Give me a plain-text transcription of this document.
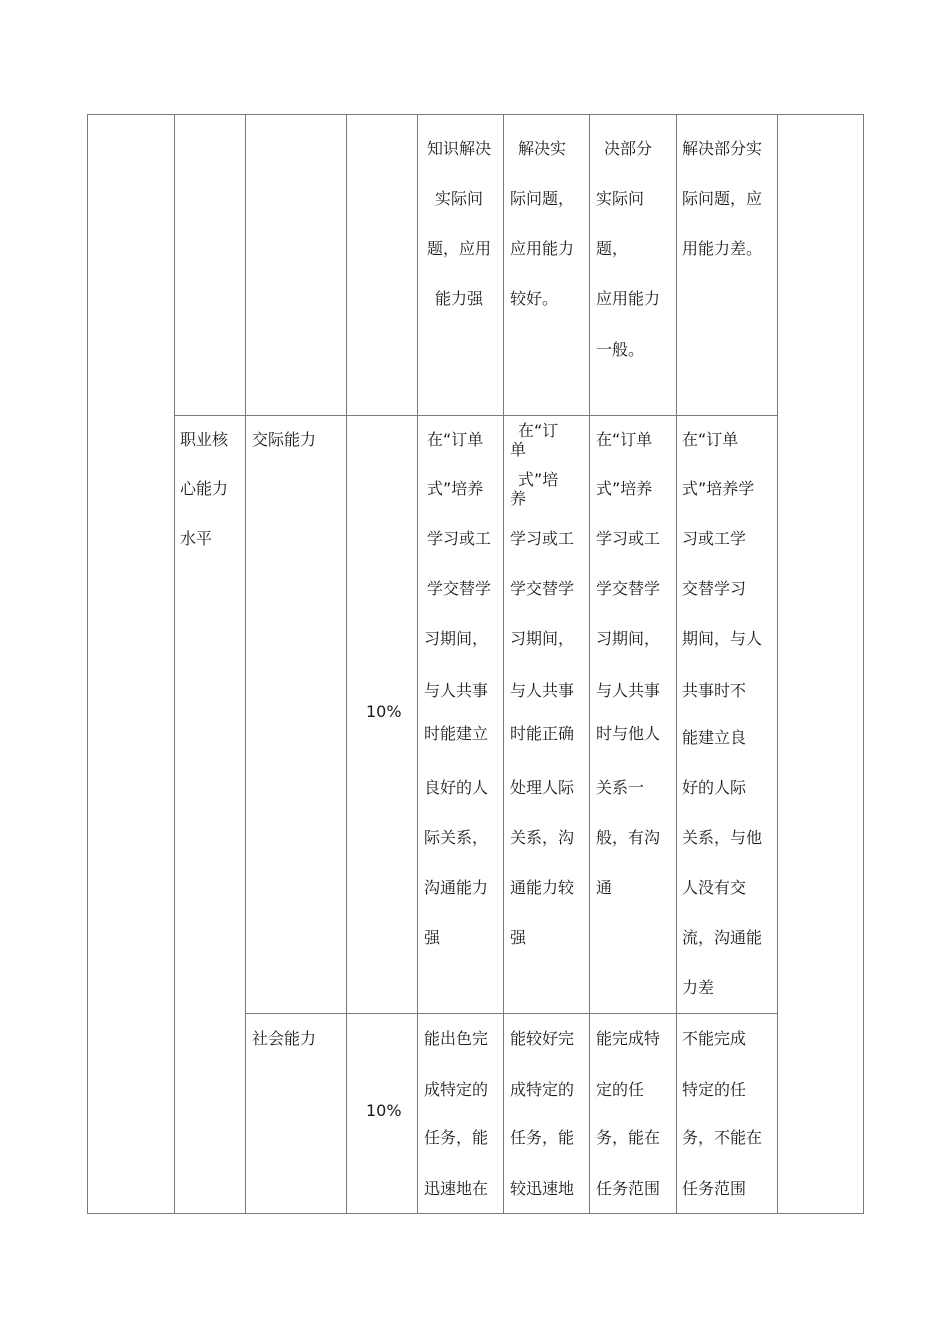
知识解决
实际问
题，应用
能力强
解决实
际问题，
应用能力
较好。
决部分
实际问
题，
应用能力
一般。
解决部分实
际问题，应
用能力差。
职业核
心能力
水平
交际能力
10%
在“订单
式”培养
学习或工
学交替学
习期间，
与人共事
时能建立
良好的人
际关系，
沟通能力
强
在“订
单
式”培
养
学习或工
学交替学
习期间，
与人共事
时能正确
处理人际
关系，沟
通能力较
强
在“订单
式”培养
学习或工
学交替学
习期间，
与人共事
时与他人
关系一
般，有沟
通
在“订单
式”培养学
习或工学
交替学习
期间，与人
共事时不
能建立良
好的人际
关系，与他
人没有交
流，沟通能
力差
社会能力
10%
能出色完
成特定的
任务，能
迅速地在
能较好完
成特定的
任务，能
较迅速地
能完成特
定的任
务，能在
任务范围
不能完成
特定的任
务，不能在
任务范围
